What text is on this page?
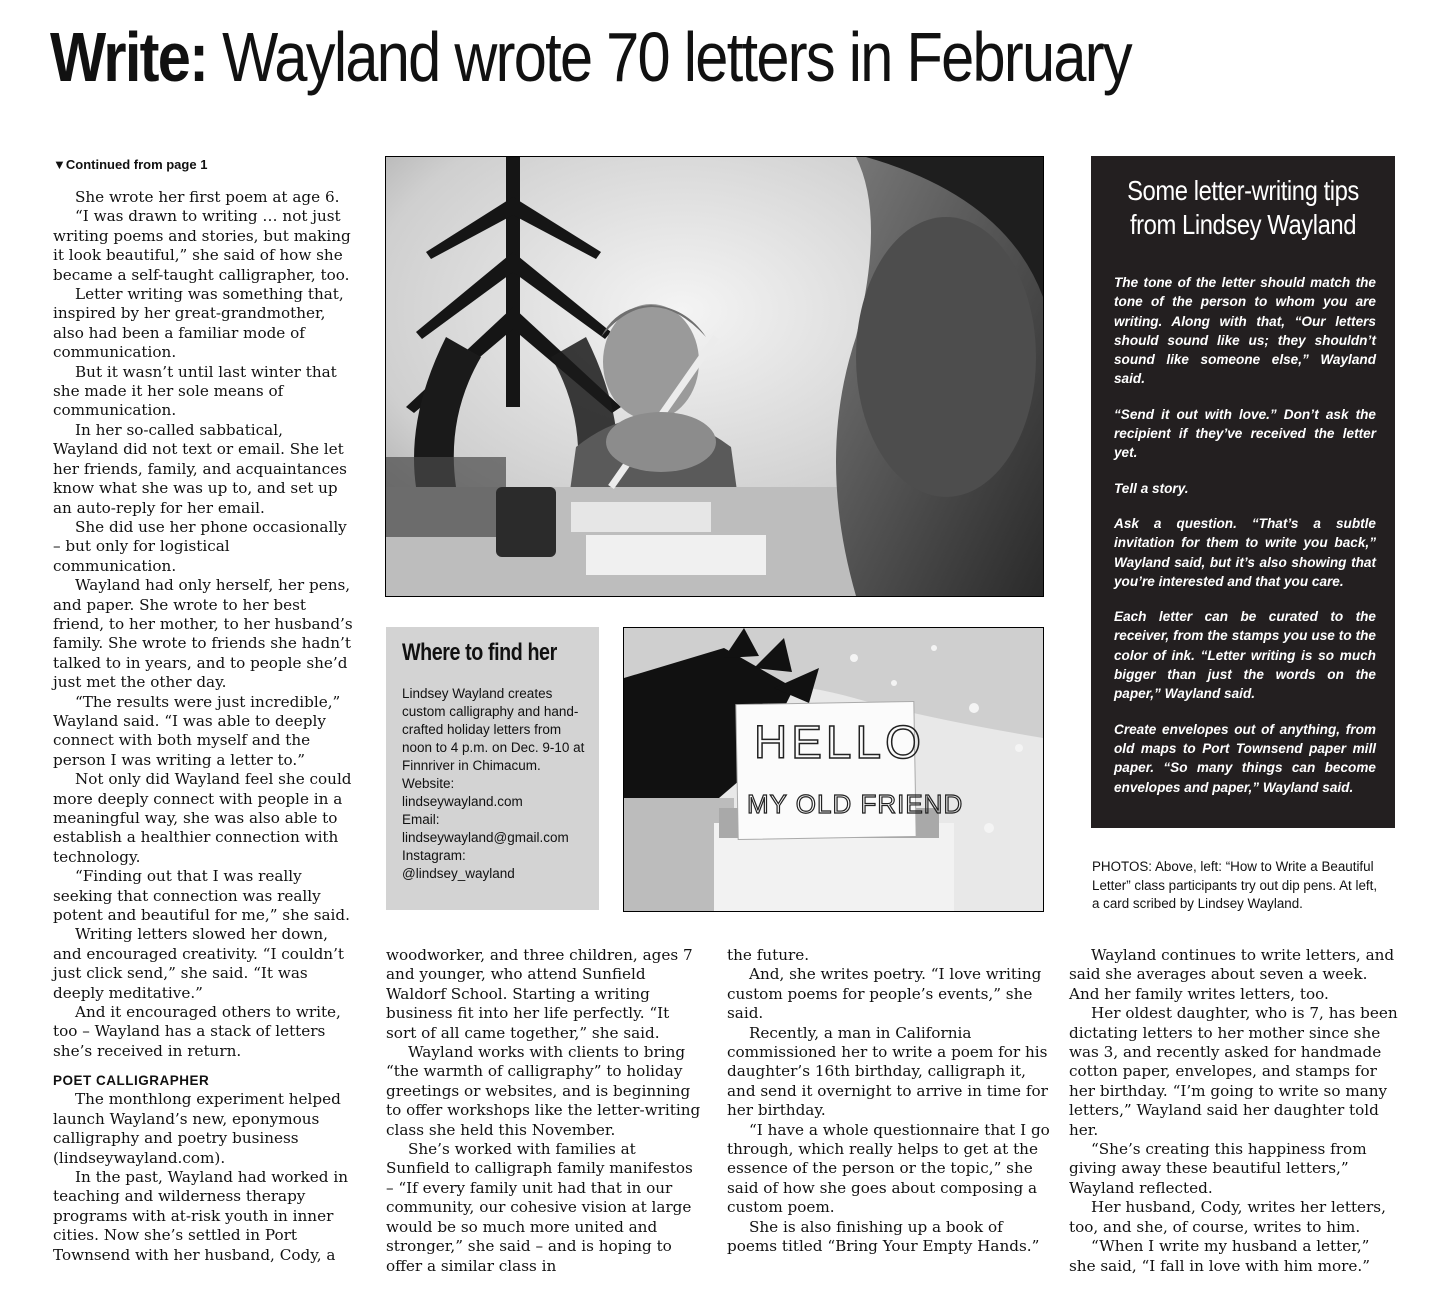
Write: Wayland wrote 70 letters in February
▼Continued from page 1

She wrote her first poem at age 6.

“I was drawn to writing … not just writing poems and stories, but making it look beautiful,” she said of how she became a self-taught calligrapher, too.

Letter writing was something that, inspired by her great-grandmother, also had been a familiar mode of communication.

But it wasn’t until last winter that she made it her sole means of communication.

In her so-called sabbatical, Wayland did not text or email. She let her friends, family, and acquaintances know what she was up to, and set up an auto-reply for her email.

She did use her phone occasionally – but only for logistical communication.

Wayland had only herself, her pens, and paper. She wrote to her best friend, to her mother, to her husband’s family. She wrote to friends she hadn’t talked to in years, and to people she’d just met the other day.

“The results were just incredible,” Wayland said. “I was able to deeply connect with both myself and the person I was writing a letter to.”

Not only did Wayland feel she could more deeply connect with people in a meaningful way, she was also able to establish a healthier connection with technology.

“Finding out that I was really seeking that connection was really potent and beautiful for me,” she said.

Writing letters slowed her down, and encouraged creativity. “I couldn’t just click send,” she said. “It was deeply meditative.”

And it encouraged others to write, too – Wayland has a stack of letters she’s received in return.

POET CALLIGRAPHER

The monthlong experiment helped launch Wayland’s new, eponymous calligraphy and poetry business (lindseywayland.com).

In the past, Wayland had worked in teaching and wilderness therapy programs with at-risk youth in inner cities. Now she’s settled in Port Townsend with her husband, Cody, a

Where to find her
Lindsey Wayland creates custom calligraphy and hand-crafted holiday letters from noon to 4 p.m. on Dec. 9-10 at Finnriver in Chimacum.
Website:
lindseywayland.com
Email:
lindseywayland@gmail.com
Instagram:
@lindsey_wayland
HELLO
MY OLD FRIEND
Some letter-writing tips
from Lindsey Wayland

The tone of the letter should match the tone of the person to whom you are writing. Along with that, “Our letters should sound like us; they shouldn’t sound like someone else,” Wayland said.

“Send it out with love.” Don’t ask the recipient if they’ve received the letter yet.

Tell a story.

Ask a question. “That’s a subtle invitation for them to write you back,” Wayland said, but it’s also showing that you’re interested and that you care.

Each letter can be curated to the receiver, from the stamps you use to the color of ink. “Letter writing is so much bigger than just the words on the paper,” Wayland said.

Create envelopes out of anything, from old maps to Port Townsend paper mill paper. “So many things can become envelopes and paper,” Wayland said.

PHOTOS: Above, left: “How to Write a Beautiful Letter” class participants try out dip pens. At left, a card scribed by Lindsey Wayland.

woodworker, and three children, ages 7 and younger, who attend Sunfield Waldorf School. Starting a writing business fit into her life perfectly. “It sort of all came together,” she said.

Wayland works with clients to bring “the warmth of calligraphy” to holiday greetings or websites, and is beginning to offer workshops like the letter-writing class she held this November.

She’s worked with families at Sunfield to calligraph family manifestos – “If every family unit had that in our community, our cohesive vision at large would be so much more united and stronger,” she said – and is hoping to offer a similar class in

the future.

And, she writes poetry. “I love writing custom poems for people’s events,” she said.

Recently, a man in California commissioned her to write a poem for his daughter’s 16th birthday, calligraph it, and send it overnight to arrive in time for her birthday.

“I have a whole questionnaire that I go through, which really helps to get at the essence of the person or the topic,” she said of how she goes about composing a custom poem.

She is also finishing up a book of poems titled “Bring Your Empty Hands.”

Wayland continues to write letters, and said she averages about seven a week. And her family writes letters, too.

Her oldest daughter, who is 7, has been dictating letters to her mother since she was 3, and recently asked for handmade cotton paper, envelopes, and stamps for her birthday. “I’m going to write so many letters,” Wayland said her daughter told her.

“She’s creating this happiness from giving away these beautiful letters,” Wayland reflected.

Her husband, Cody, writes her letters, too, and she, of course, writes to him.

“When I write my husband a letter,” she said, “I fall in love with him more.”
